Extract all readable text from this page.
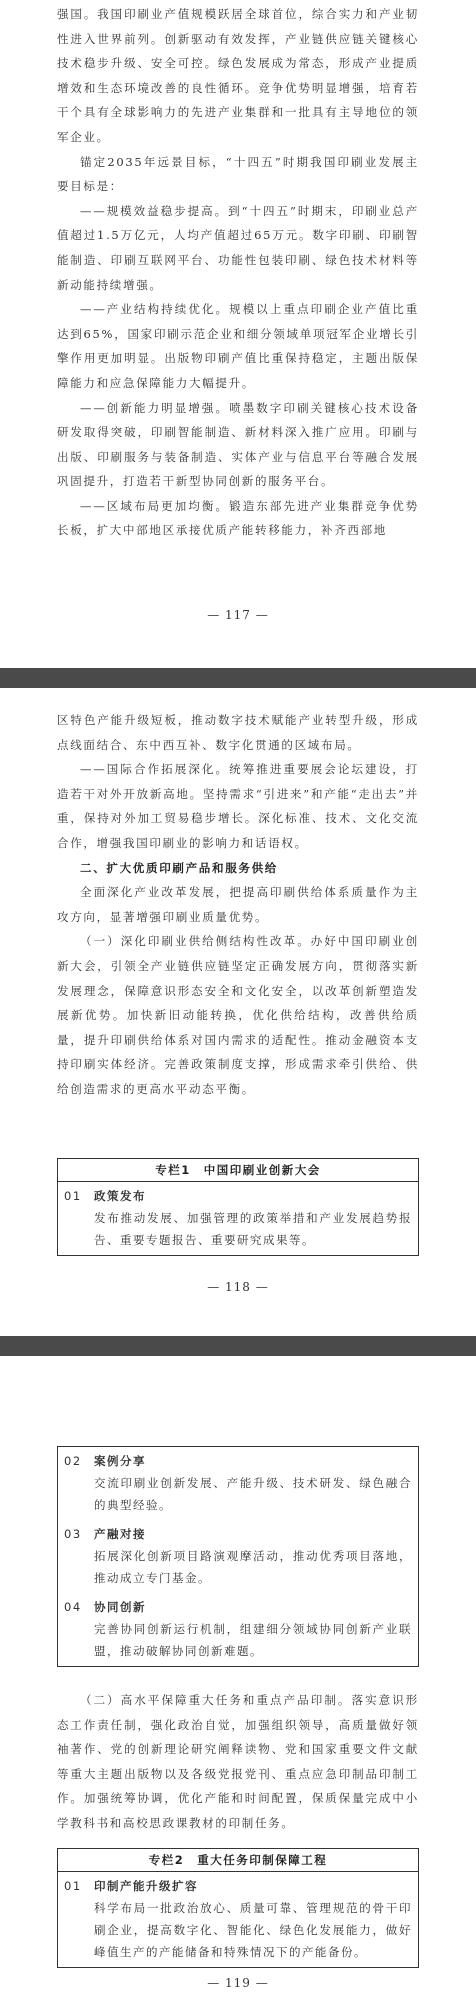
强国。我国印刷业产值规模跃居全球首位，综合实力和产业韧性进入世界前列。创新驱动有效发挥，产业链供应链关键核心技术稳步升级、安全可控。绿色发展成为常态，形成产业提质增效和生态环境改善的良性循环。竞争优势明显增强，培育若干个具有全球影响力的先进产业集群和一批具有主导地位的领军企业。

锚定2035年远景目标，“十四五”时期我国印刷业发展主要目标是：

——规模效益稳步提高。到“十四五”时期末，印刷业总产值超过1.5万亿元，人均产值超过65万元。数字印刷、印刷智能制造、印刷互联网平台、功能性包装印刷、绿色技术材料等新动能持续增强。

——产业结构持续优化。规模以上重点印刷企业产值比重达到65%，国家印刷示范企业和细分领域单项冠军企业增长引擎作用更加明显。出版物印刷产值比重保持稳定，主题出版保障能力和应急保障能力大幅提升。

——创新能力明显增强。喷墨数字印刷关键核心技术设备研发取得突破，印刷智能制造、新材料深入推广应用。印刷与出版、印刷服务与装备制造、实体产业与信息平台等融合发展巩固提升，打造若干新型协同创新的服务平台。

——区域布局更加均衡。锻造东部先进产业集群竞争优势长板，扩大中部地区承接优质产能转移能力，补齐西部地

— 117 —

区特色产能升级短板，推动数字技术赋能产业转型升级，形成点线面结合、东中西互补、数字化贯通的区域布局。

——国际合作拓展深化。统筹推进重要展会论坛建设，打造若干对外开放新高地。坚持需求“引进来”和产能“走出去”并重，保持对外加工贸易稳步增长。深化标准、技术、文化交流合作，增强我国印刷业的影响力和话语权。

二、扩大优质印刷产品和服务供给

全面深化产业改革发展，把提高印刷供给体系质量作为主攻方向，显著增强印刷业质量优势。

（一）深化印刷业供给侧结构性改革。办好中国印刷业创新大会，引领全产业链供应链坚定正确发展方向，贯彻落实新发展理念，保障意识形态安全和文化安全，以改革创新塑造发展新优势。加快新旧动能转换，优化供给结构，改善供给质量，提升印刷供给体系对国内需求的适配性。推动金融资本支持印刷实体经济。完善政策制度支撑，形成需求牵引供给、供给创造需求的更高水平动态平衡。

专栏1　中国印刷业创新大会
01 政策发布
发布推动发展、加强管理的政策举措和产业发展趋势报告、重要专题报告、重要研究成果等。
— 118 —
02 案例分享
交流印刷业创新发展、产能升级、技术研发、绿色融合的典型经验。
03 产融对接
拓展深化创新项目路演观摩活动，推动优秀项目落地，推动成立专门基金。
04 协同创新
完善协同创新运行机制，组建细分领域协同创新产业联盟，推动破解协同创新难题。

（二）高水平保障重大任务和重点产品印制。落实意识形态工作责任制，强化政治自觉，加强组织领导，高质量做好领袖著作、党的创新理论研究阐释读物、党和国家重要文件文献等重大主题出版物以及各级党报党刊、重点应急印制品印制工作。加强统筹协调，优化产能和时间配置，保质保量完成中小学教科书和高校思政课教材的印制任务。

专栏2　重大任务印制保障工程
01 印制产能升级扩容
科学布局一批政治放心、质量可靠、管理规范的骨干印刷企业，提高数字化、智能化、绿色化发展能力，做好峰值生产的产能储备和特殊情况下的产能备份。
— 119 —
